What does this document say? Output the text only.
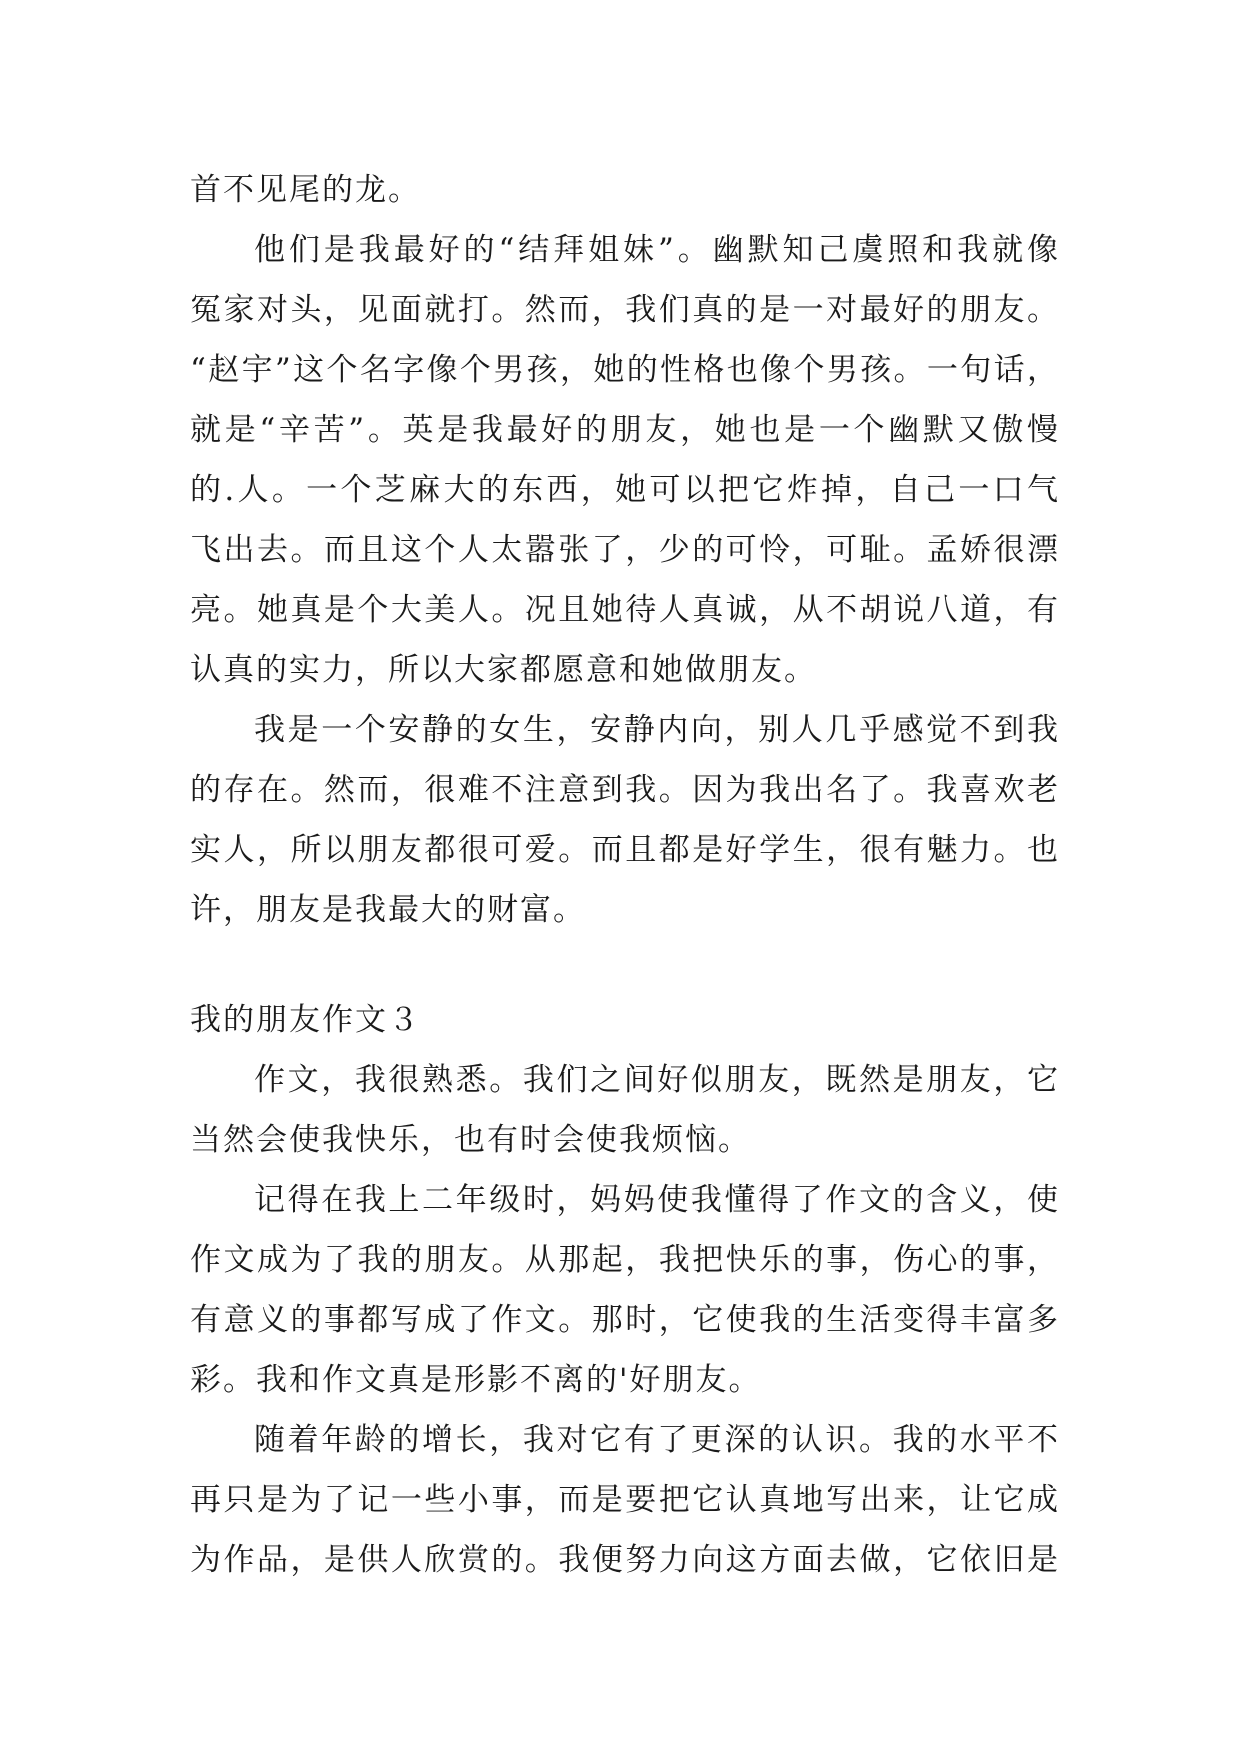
首不见尾的龙。
他们是我最好的“结拜姐妹”。幽默知己虞照和我就像
冤家对头，见面就打。然而，我们真的是一对最好的朋友。
“赵宇”这个名字像个男孩，她的性格也像个男孩。一句话，
就是“辛苦”。英是我最好的朋友，她也是一个幽默又傲慢
的.人。一个芝麻大的东西，她可以把它炸掉，自己一口气
飞出去。而且这个人太嚣张了，少的可怜，可耻。孟娇很漂
亮。她真是个大美人。况且她待人真诚，从不胡说八道，有
认真的实力，所以大家都愿意和她做朋友。
我是一个安静的女生，安静内向，别人几乎感觉不到我
的存在。然而，很难不注意到我。因为我出名了。我喜欢老
实人，所以朋友都很可爱。而且都是好学生，很有魅力。也
许，朋友是我最大的财富。
我的朋友作文３
作文，我很熟悉。我们之间好似朋友，既然是朋友，它
当然会使我快乐，也有时会使我烦恼。
记得在我上二年级时，妈妈使我懂得了作文的含义，使
作文成为了我的朋友。从那起，我把快乐的事，伤心的事，
有意义的事都写成了作文。那时，它使我的生活变得丰富多
彩。我和作文真是形影不离的'好朋友。
随着年龄的增长，我对它有了更深的认识。我的水平不
再只是为了记一些小事，而是要把它认真地写出来，让它成
为作品，是供人欣赏的。我便努力向这方面去做，它依旧是
